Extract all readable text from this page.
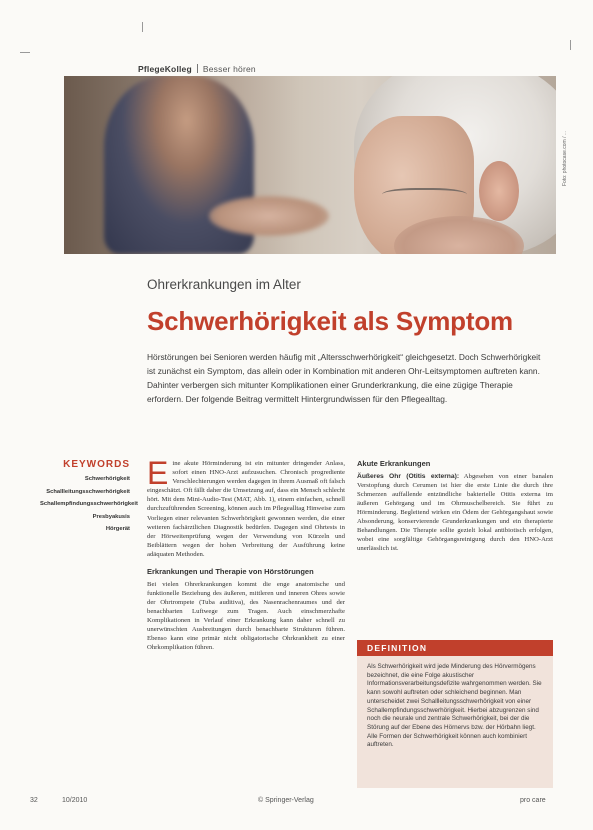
PflegeKolleg Besser hören
Foto: photocase.com / ...
Ohrerkrankungen im Alter
Schwerhörigkeit als Symptom

Hörstörungen bei Senioren werden häufig mit „Altersschwerhörigkeit“ gleichgesetzt. Doch Schwerhörigkeit ist zunächst ein Symptom, das allein oder in Kombination mit anderen Ohr-Leitsymptomen auftreten kann. Dahinter verbergen sich mitunter Komplikationen einer Grunderkrankung, die eine zügige Therapie erfordern. Der folgende Beitrag vermittelt Hintergrundwissen für den Pflegealltag.

KEYWORDS
Schwerhörigkeit
Schallleitungsschwerhörigkeit
Schallempfindungsschwerhörigkeit
Presbyakusis
Hörgerät

Eine akute Hörminderung ist ein mitunter dringender Anlass, sofort einen HNO-Arzt aufzusuchen. Chronisch progrediente Verschlechterungen werden dagegen in ihrem Ausmaß oft falsch eingeschätzt. Oft fällt daher die Umsetzung auf, dass ein Mensch schlecht hört. Mit dem Mini-Audio-Test (MAT, Abb. 1), einem einfachen, schnell durchzuführenden Screening, können auch im Pflegealltag Hinweise zum Vorliegen einer relevanten Schwerhörigkeit gewonnen werden, die einer weiteren fachärztlichen Diagnostik bedürfen. Dagegen sind Ohrtests in der Hörweitenprüfung wegen der Verwendung von Kürzeln und Beiblättern wegen der hohen Verbreitung der Ausführung keine adäquaten Methoden.

Erkrankungen und Therapie von Hörstörungen

Bei vielen Ohrerkrankungen kommt die enge anatomische und funktionelle Beziehung des äußeren, mittleren und inneren Ohres sowie der Ohrtrompete (Tuba auditiva), des Nasenrachenraumes und der benachbarten Luftwege zum Tragen. Auch einschmerzhafte Komplikationen in Verlauf einer Erkrankung kann daher schnell zu unerwünschten Ausbreitungen durch benachbarte Strukturen führen. Ebenso kann eine primär nicht obligatorische Ohrkrankheit zu einer Ohrkomplikation führen.

Akute Erkrankungen

Äußeres Ohr (Otitis externa): Abgesehen von einer banalen Verstopfung durch Cerumen ist hier die erste Linie die durch ihre Schmerzen auffallende entzündliche bakterielle Otitis externa im äußeren Gehörgang und im Ohrmuschelbereich. Sie führt zu Hörminderung. Begleitend wirken ein Ödem der Gehörgangshaut sowie Absonderung, konservierende Grunderkrankungen und ein therapierte Behandlungen. Die Therapie sollte gezielt lokal antibiotisch erfolgen, wobei eine sorgfältige Gehörgangsreinigung durch den HNO-Arzt unerlässlich ist.

DEFINITION
Als Schwerhörigkeit wird jede Minderung des Hörvermögens bezeichnet, die eine Folge akustischer Informationsverarbeitungsdefizite wahrgenommen werden. Sie kann sowohl auftreten oder schleichend beginnen. Man unterscheidet zwei Schallleitungsschwerhörigkeit von einer Schallempfindungsschwerhörigkeit. Hierbei abzugrenzen sind noch die neurale und zentrale Schwerhörigkeit, bei der die Störung auf der Ebene des Hörnervs bzw. der Hörbahn liegt. Alle Formen der Schwerhörigkeit können auch kombiniert auftreten.
32	10/2010	© Springer-Verlag	pro care
